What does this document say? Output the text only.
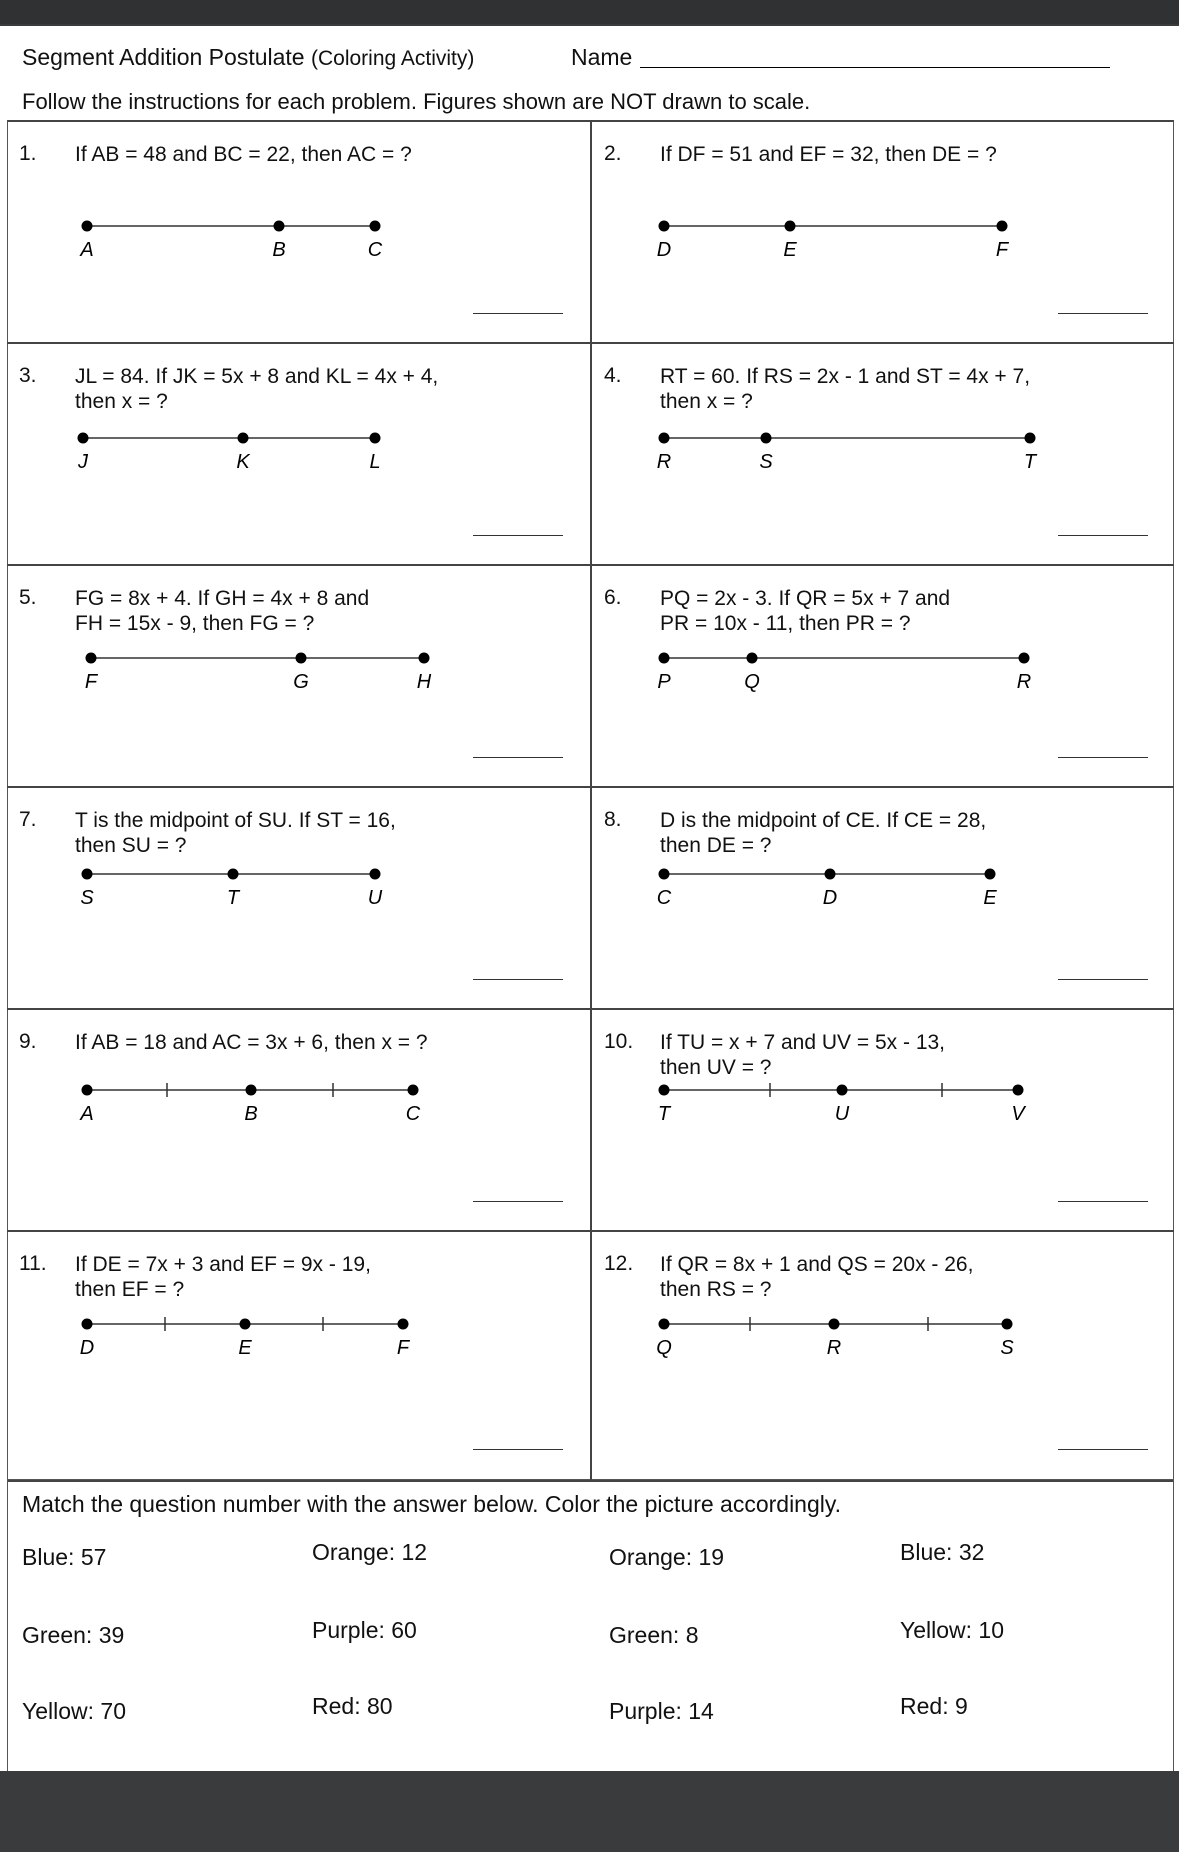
Segment Addition Postulate (Coloring Activity)	Name
Follow the instructions for each problem. Figures shown are NOT drawn to scale.
1. If AB = 48 and BC = 22, then AC = ?
A	B	C
2. If DF = 51 and EF = 32, then DE = ?
D	E	F
3. JL = 84. If JK = 5x + 8 and KL = 4x + 4,
then x = ?
J	K	L
4. RT = 60. If RS = 2x - 1 and ST = 4x + 7,
then x = ?
R	S	T
5. FG = 8x + 4. If GH = 4x + 8 and
FH = 15x - 9, then FG = ?
F	G	H
6. PQ = 2x - 3. If QR = 5x + 7 and
PR = 10x - 11, then PR = ?
P	Q	R
7. T is the midpoint of SU. If ST = 16,
then SU = ?
S	T	U
8. D is the midpoint of CE. If CE = 28,
then DE = ?
C	D	E
9. If AB = 18 and AC = 3x + 6, then x = ?
A	B	C
10. If TU = x + 7 and UV = 5x - 13,
then UV = ?
T	U	V
11. If DE = 7x + 3 and EF = 9x - 19,
then EF = ?
D	E	F
12. If QR = 8x + 1 and QS = 20x - 26,
then RS = ?
Q	R	S
Match the question number with the answer below. Color the picture accordingly.
Blue: 57	Orange: 12	Orange: 19	Blue: 32
Green: 39	Purple: 60	Green: 8	Yellow: 10
Yellow: 70	Red: 80	Purple: 14	Red: 9
